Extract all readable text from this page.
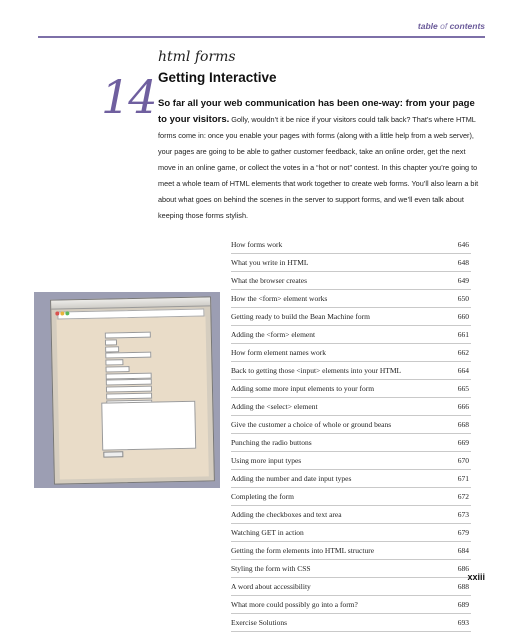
table of contents
14
html forms
Getting Interactive
So far all your web communication has been one-way: from your page to your visitors. Golly, wouldn’t it be nice if your visitors could talk back? That’s where HTML forms come in: once you enable your pages with forms (along with a little help from a web server), your pages are going to be able to gather customer feedback, take an online order, get the next move in an online game, or collect the votes in a “hot or not” contest. In this chapter you’re going to meet a whole team of HTML elements that work together to create web forms. You’ll also learn a bit about what goes on behind the scenes in the server to support forms, and we’ll even talk about keeping those forms stylish.
How forms work	646
What you write in HTML	648
What the browser creates	649
How the <form> element works	650
Getting ready to build the Bean Machine form	660
Adding the <form> element	661
How form element names work	662
Back to getting those <input> elements into your HTML	664
Adding some more input elements to your form	665
Adding the <select> element	666
Give the customer a choice of whole or ground beans	668
Punching the radio buttons	669
Using more input types	670
Adding the number and date input types	671
Completing the form	672
Adding the checkboxes and text area	673
Watching GET in action	679
Getting the form elements into HTML structure	684
Styling the form with CSS	686
A word about accessibility	688
What more could possibly go into a form?	689
Exercise Solutions	693
xxiii
